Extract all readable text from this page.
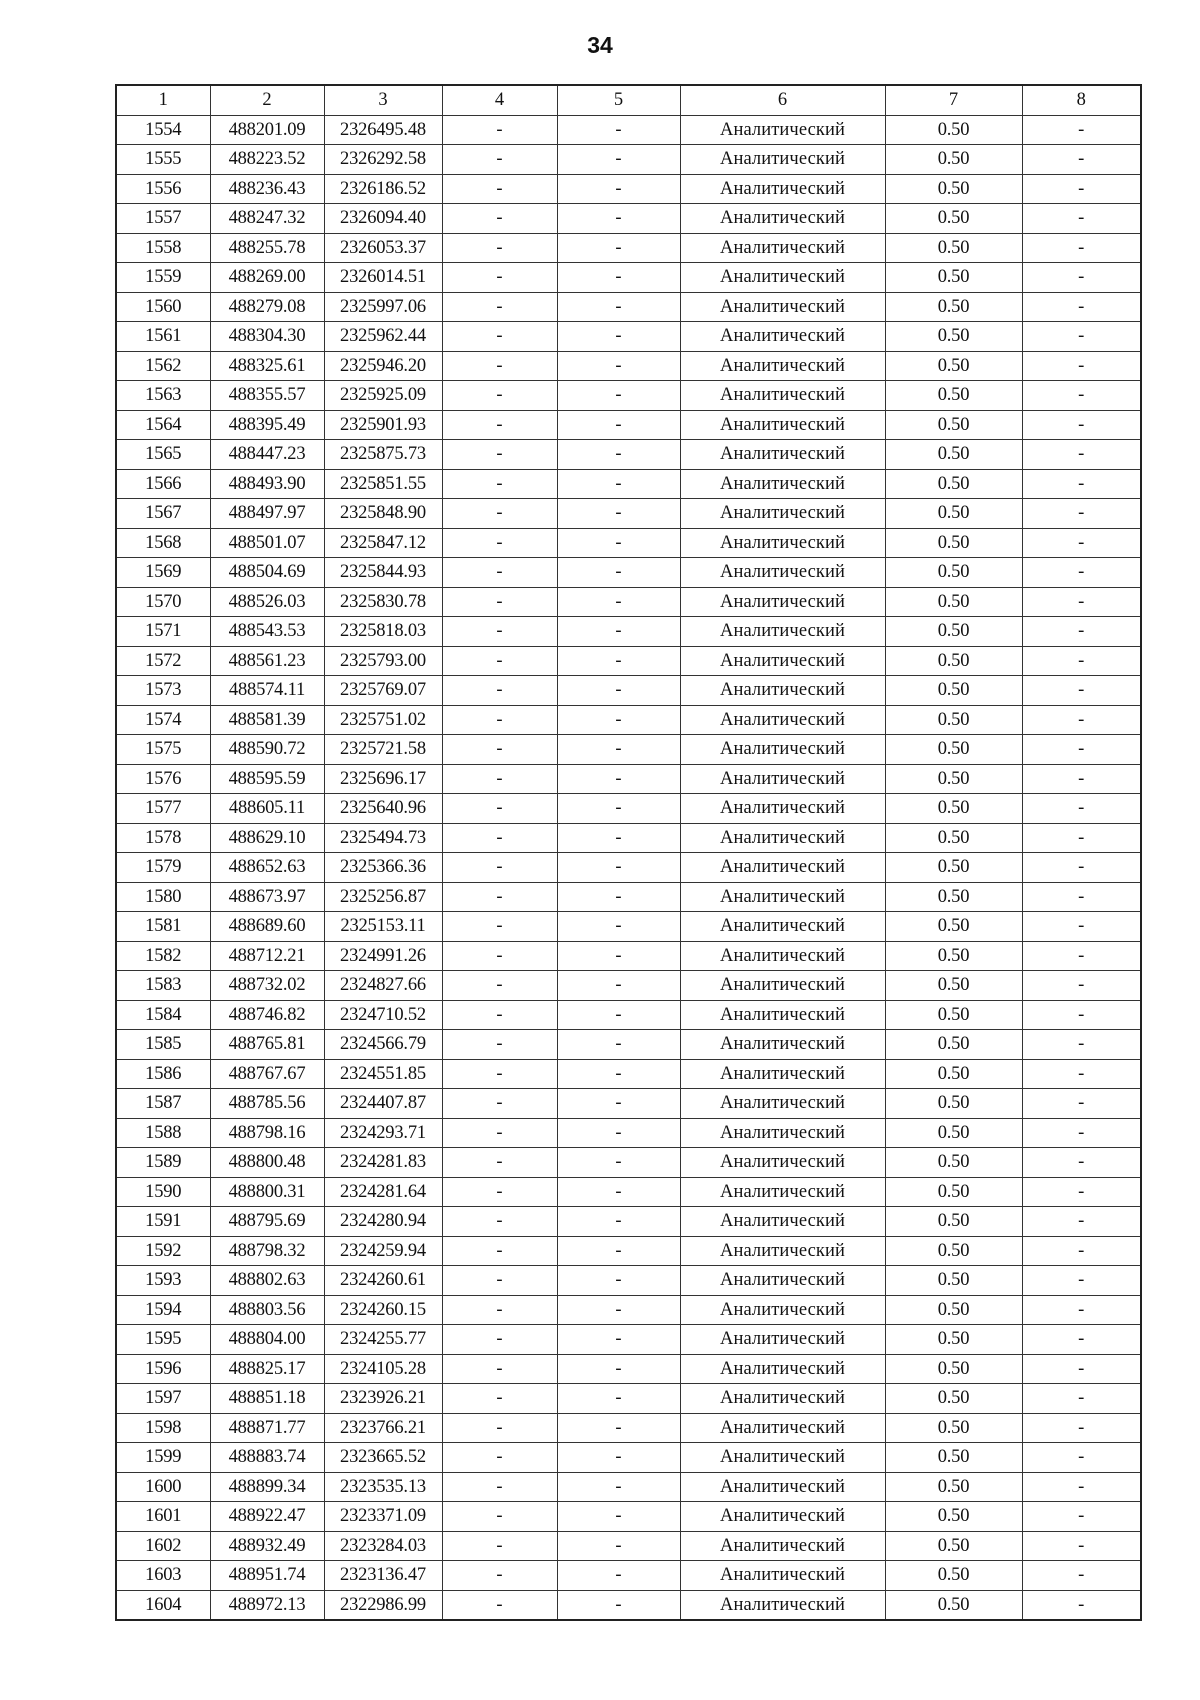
34
1	2	3	4	5	6	7	8
1554	488201.09	2326495.48	-	-	Аналитический	0.50	-
1555	488223.52	2326292.58	-	-	Аналитический	0.50	-
1556	488236.43	2326186.52	-	-	Аналитический	0.50	-
1557	488247.32	2326094.40	-	-	Аналитический	0.50	-
1558	488255.78	2326053.37	-	-	Аналитический	0.50	-
1559	488269.00	2326014.51	-	-	Аналитический	0.50	-
1560	488279.08	2325997.06	-	-	Аналитический	0.50	-
1561	488304.30	2325962.44	-	-	Аналитический	0.50	-
1562	488325.61	2325946.20	-	-	Аналитический	0.50	-
1563	488355.57	2325925.09	-	-	Аналитический	0.50	-
1564	488395.49	2325901.93	-	-	Аналитический	0.50	-
1565	488447.23	2325875.73	-	-	Аналитический	0.50	-
1566	488493.90	2325851.55	-	-	Аналитический	0.50	-
1567	488497.97	2325848.90	-	-	Аналитический	0.50	-
1568	488501.07	2325847.12	-	-	Аналитический	0.50	-
1569	488504.69	2325844.93	-	-	Аналитический	0.50	-
1570	488526.03	2325830.78	-	-	Аналитический	0.50	-
1571	488543.53	2325818.03	-	-	Аналитический	0.50	-
1572	488561.23	2325793.00	-	-	Аналитический	0.50	-
1573	488574.11	2325769.07	-	-	Аналитический	0.50	-
1574	488581.39	2325751.02	-	-	Аналитический	0.50	-
1575	488590.72	2325721.58	-	-	Аналитический	0.50	-
1576	488595.59	2325696.17	-	-	Аналитический	0.50	-
1577	488605.11	2325640.96	-	-	Аналитический	0.50	-
1578	488629.10	2325494.73	-	-	Аналитический	0.50	-
1579	488652.63	2325366.36	-	-	Аналитический	0.50	-
1580	488673.97	2325256.87	-	-	Аналитический	0.50	-
1581	488689.60	2325153.11	-	-	Аналитический	0.50	-
1582	488712.21	2324991.26	-	-	Аналитический	0.50	-
1583	488732.02	2324827.66	-	-	Аналитический	0.50	-
1584	488746.82	2324710.52	-	-	Аналитический	0.50	-
1585	488765.81	2324566.79	-	-	Аналитический	0.50	-
1586	488767.67	2324551.85	-	-	Аналитический	0.50	-
1587	488785.56	2324407.87	-	-	Аналитический	0.50	-
1588	488798.16	2324293.71	-	-	Аналитический	0.50	-
1589	488800.48	2324281.83	-	-	Аналитический	0.50	-
1590	488800.31	2324281.64	-	-	Аналитический	0.50	-
1591	488795.69	2324280.94	-	-	Аналитический	0.50	-
1592	488798.32	2324259.94	-	-	Аналитический	0.50	-
1593	488802.63	2324260.61	-	-	Аналитический	0.50	-
1594	488803.56	2324260.15	-	-	Аналитический	0.50	-
1595	488804.00	2324255.77	-	-	Аналитический	0.50	-
1596	488825.17	2324105.28	-	-	Аналитический	0.50	-
1597	488851.18	2323926.21	-	-	Аналитический	0.50	-
1598	488871.77	2323766.21	-	-	Аналитический	0.50	-
1599	488883.74	2323665.52	-	-	Аналитический	0.50	-
1600	488899.34	2323535.13	-	-	Аналитический	0.50	-
1601	488922.47	2323371.09	-	-	Аналитический	0.50	-
1602	488932.49	2323284.03	-	-	Аналитический	0.50	-
1603	488951.74	2323136.47	-	-	Аналитический	0.50	-
1604	488972.13	2322986.99	-	-	Аналитический	0.50	-
